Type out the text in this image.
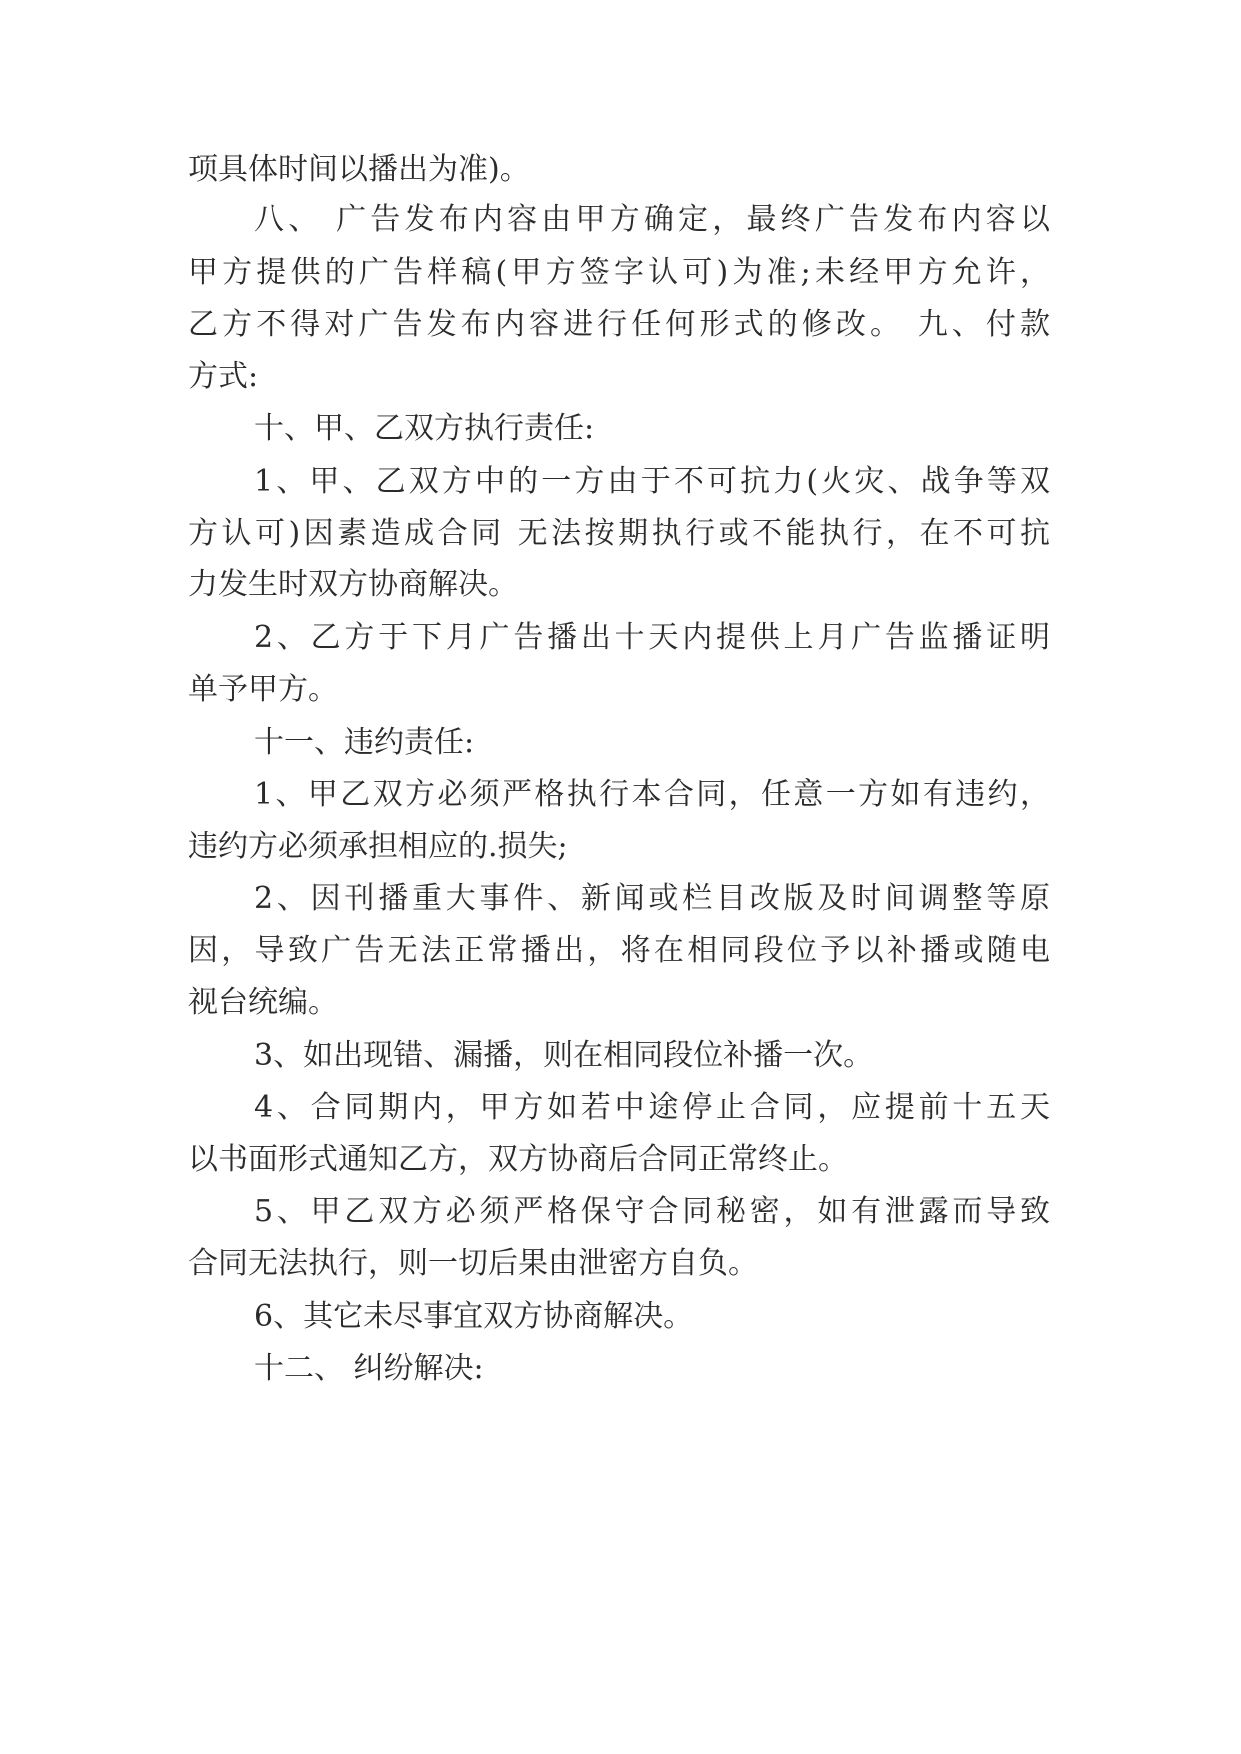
项具体时间以播出为准)。
八、 广告发布内容由甲方确定，最终广告发布内容以
甲方提供的广告样稿(甲方签字认可)为准;未经甲方允许，
乙方不得对广告发布内容进行任何形式的修改。 九、付款
方式:
十、甲、乙双方执行责任:
1、甲、乙双方中的一方由于不可抗力(火灾、战争等双
方认可)因素造成合同 无法按期执行或不能执行，在不可抗
力发生时双方协商解决。
2、乙方于下月广告播出十天内提供上月广告监播证明
单予甲方。
十一、违约责任:
1、甲乙双方必须严格执行本合同，任意一方如有违约，
违约方必须承担相应的.损失;
2、因刊播重大事件、新闻或栏目改版及时间调整等原
因，导致广告无法正常播出，将在相同段位予以补播或随电
视台统编。
3、如出现错、漏播，则在相同段位补播一次。
4、合同期内，甲方如若中途停止合同，应提前十五天
以书面形式通知乙方，双方协商后合同正常终止。
5、甲乙双方必须严格保守合同秘密，如有泄露而导致
合同无法执行，则一切后果由泄密方自负。
6、其它未尽事宜双方协商解决。
十二、 纠纷解决:
